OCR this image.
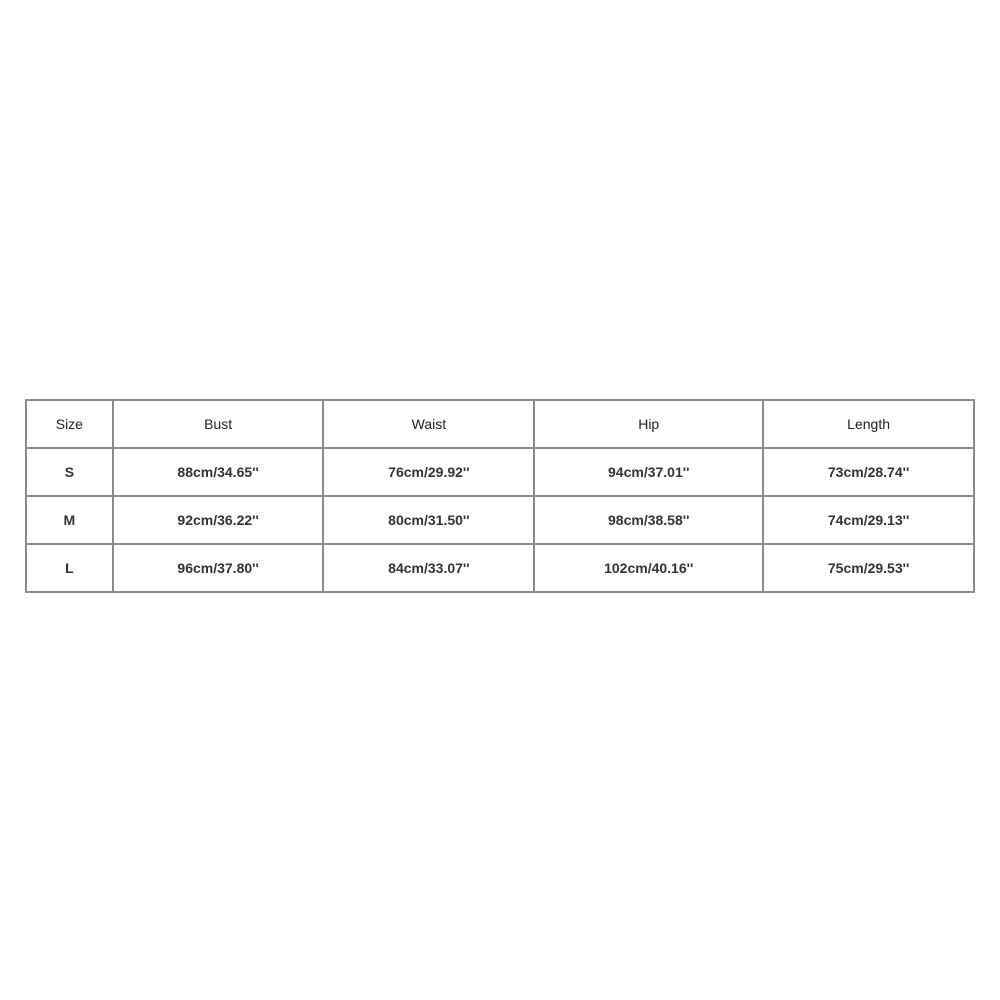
Size	Bust	Waist	Hip	Length
S	88cm/34.65''	76cm/29.92''	94cm/37.01''	73cm/28.74''
M	92cm/36.22''	80cm/31.50''	98cm/38.58''	74cm/29.13''
L	96cm/37.80''	84cm/33.07''	102cm/40.16''	75cm/29.53''
